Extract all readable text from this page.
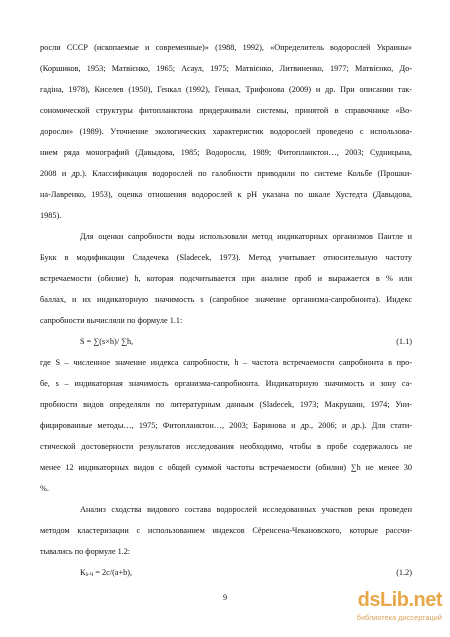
росли СССР (ископаемые и современные)» (1988, 1992), «Определитель водорослей Украины»
(Коршиков, 1953; Матвієнко, 1965; Асаул, 1975; Матвієнко, Литвиненко, 1977; Матвієнко, До-
гадіна, 1978), Киселев (1950), Генкал (1992), Генкал, Трифонова (2009) и др. При описании так-
сономической структуры фитопланктона придерживали системы, принятой в справочнике «Во-
доросли» (1989). Уточнение экологических характеристик водорослей проведено с использова-
нием ряда монографий (Давыдова, 1985; Водоросли, 1989; Фитопланктон…, 2003; Судницына,
2008 и др.). Классификация водорослей по галобности приводили по системе Кольбе (Прошки-
на-Лавренко, 1953), оценка отношения водорослей к pH указана по шкале Хустедта (Давыдова,
1985).
Для оценки сапробности воды использовали метод индикаторных организмов Пантле и
Букк в модификации Сладечека (Sladecek, 1973). Метод учитывает относительную частоту
встречаемости (обилие) h, которая подсчитывается при анализе проб и выражается в % или
баллах, и их индикаторную значимость s (сапробное значение организма-сапробионта). Индекс
сапробности вычисляли по формуле 1.1:
S = ∑(s×h)/ ∑h,	(1.1)
где S – численное значение индекса сапробности, h – частота встречаемости сапробионта в про-
бе, s – индикаторная значимость организма-сапробионта. Индикаторную значимость и зону са-
пробности видов определяли по литературным данным (Sladecek, 1973; Макрушин, 1974; Уни-
фицированные методы…, 1975; Фитопланктон…, 2003; Баринова и др., 2006; и др.). Для стати-
стической достоверности результатов исследования необходимо, чтобы в пробе содержалось не
менее 12 индикаторных видов с общей суммой частоты встречаемости (обилия) ∑h не менее 30
%.
Анализ сходства видового состава водорослей исследованных участков реки проведен
методом кластеризации с использованием индексов Сёренсена-Чекановского, которые рассчи-
тывались по формуле 1.2:
$К_{S-Ч} = 2c/(a+b)$,	(1.2)
9	dsLib.net
библиотека диссертаций
